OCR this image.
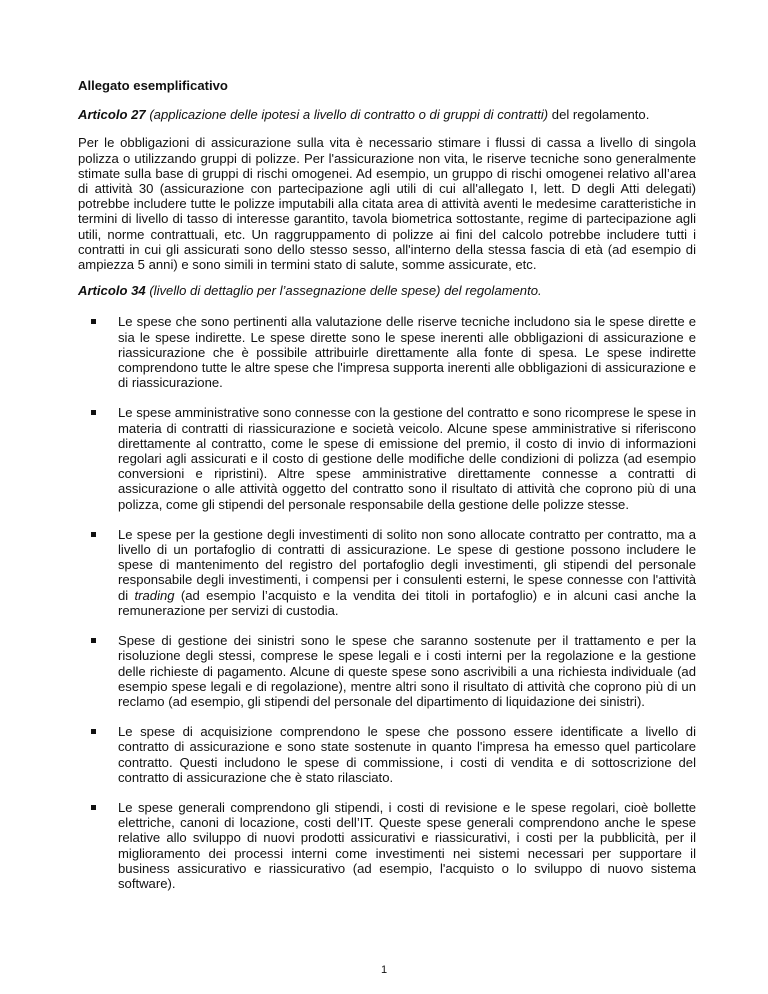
Allegato esemplificativo

Articolo 27 (applicazione delle ipotesi a livello di contratto o di gruppi di contratti) del regolamento.

Per le obbligazioni di assicurazione sulla vita è necessario stimare i flussi di cassa a livello di singola polizza o utilizzando gruppi di polizze. Per l'assicurazione non vita, le riserve tecniche sono generalmente stimate sulla base di gruppi di rischi omogenei. Ad esempio, un gruppo di rischi omogenei relativo all’area di attività 30 (assicurazione con partecipazione agli utili di cui all'allegato I, lett. D degli Atti delegati) potrebbe includere tutte le polizze imputabili alla citata area di attività aventi le medesime caratteristiche in termini di livello di tasso di interesse garantito, tavola biometrica sottostante, regime di partecipazione agli utili, norme contrattuali, etc. Un raggruppamento di polizze ai fini del calcolo potrebbe includere tutti i contratti in cui gli assicurati sono dello stesso sesso, all'interno della stessa fascia di età (ad esempio di ampiezza 5 anni) e sono simili in termini stato di salute, somme assicurate, etc.

Articolo 34 (livello di dettaglio per l’assegnazione delle spese) del regolamento.

Le spese che sono pertinenti alla valutazione delle riserve tecniche includono sia le spese dirette e sia le spese indirette. Le spese dirette sono le spese inerenti alle obbligazioni di assicurazione e riassicurazione che è possibile attribuirle direttamente alla fonte di spesa. Le spese indirette comprendono tutte le altre spese che l'impresa supporta inerenti alle obbligazioni di assicurazione e di riassicurazione.
Le spese amministrative sono connesse con la gestione del contratto e sono ricomprese le spese in materia di contratti di riassicurazione e società veicolo. Alcune spese amministrative si riferiscono direttamente al contratto, come le spese di emissione del premio, il costo di invio di informazioni regolari agli assicurati e il costo di gestione delle modifiche delle condizioni di polizza (ad esempio conversioni e ripristini). Altre spese amministrative direttamente connesse a contratti di assicurazione o alle attività oggetto del contratto sono il risultato di attività che coprono più di una polizza, come gli stipendi del personale responsabile della gestione delle polizze stesse.
Le spese per la gestione degli investimenti di solito non sono allocate contratto per contratto, ma a livello di un portafoglio di contratti di assicurazione. Le spese di gestione possono includere le spese di mantenimento del registro del portafoglio degli investimenti, gli stipendi del personale responsabile degli investimenti, i compensi per i consulenti esterni, le spese connesse con l'attività di trading (ad esempio l’acquisto e la vendita dei titoli in portafoglio) e in alcuni casi anche la remunerazione per servizi di custodia.
Spese di gestione dei sinistri sono le spese che saranno sostenute per il trattamento e per la risoluzione degli stessi, comprese le spese legali e i costi interni per la regolazione e la gestione delle richieste di pagamento. Alcune di queste spese sono ascrivibili a una richiesta individuale (ad esempio spese legali e di regolazione), mentre altri sono il risultato di attività che coprono più di un reclamo (ad esempio, gli stipendi del personale del dipartimento di liquidazione dei sinistri).
Le spese di acquisizione comprendono le spese che possono essere identificate a livello di contratto di assicurazione e sono state sostenute in quanto l'impresa ha emesso quel particolare contratto. Questi includono le spese di commissione, i costi di vendita e di sottoscrizione del contratto di assicurazione che è stato rilasciato.
Le spese generali comprendono gli stipendi, i costi di revisione e le spese regolari, cioè bollette elettriche, canoni di locazione, costi dell’IT. Queste spese generali comprendono anche le spese relative allo sviluppo di nuovi prodotti assicurativi e riassicurativi, i costi per la pubblicità, per il miglioramento dei processi interni come investimenti nei sistemi necessari per supportare il business assicurativo e riassicurativo (ad esempio, l'acquisto o lo sviluppo di nuovo sistema software).
1
